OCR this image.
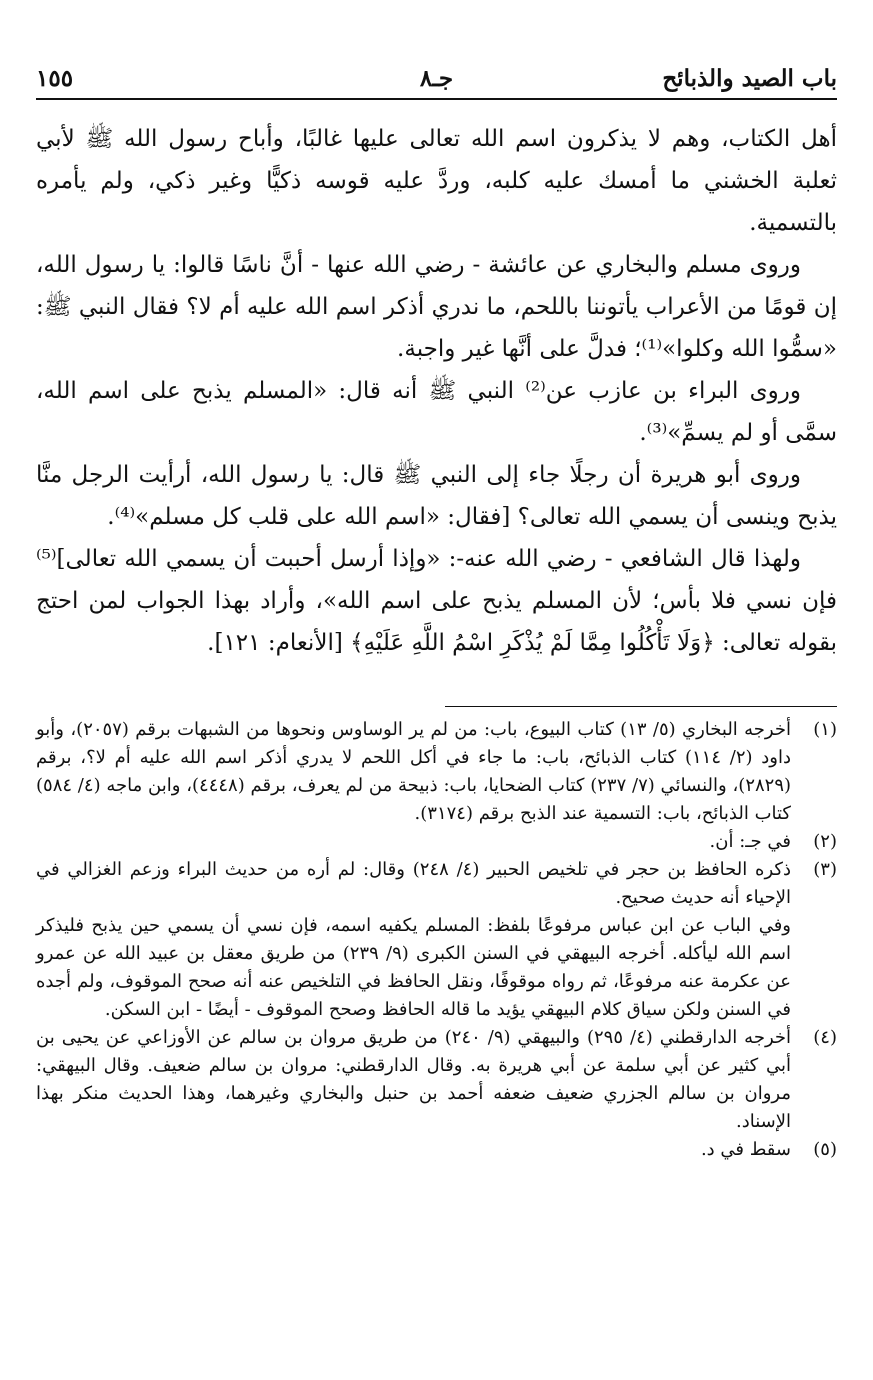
باب الصيد والذبائح
جـ٨
١٥٥

أهل الكتاب، وهم لا يذكرون اسم الله تعالى عليها غالبًا، وأباح رسول الله ﷺ لأبي ثعلبة الخشني ما أمسك عليه كلبه، وردَّ عليه قوسه ذكيًّا وغير ذكي، ولم يأمره بالتسمية.

وروى مسلم والبخاري عن عائشة - رضي الله عنها - أنَّ ناسًا قالوا: يا رسول الله، إن قومًا من الأعراب يأتوننا باللحم، ما ندري أذكر اسم الله عليه أم لا؟ فقال النبي ﷺ: «سمُّوا الله وكلوا»⁽¹⁾؛ فدلَّ على أنَّها غير واجبة.

وروى البراء بن عازب عن⁽²⁾ النبي ﷺ أنه قال: «المسلم يذبح على اسم الله، سمَّى أو لم يسمِّ»⁽³⁾.

وروى أبو هريرة أن رجلًا جاء إلى النبي ﷺ قال: يا رسول الله، أرأيت الرجل منَّا يذبح وينسى أن يسمي الله تعالى؟ [فقال: «اسم الله على قلب كل مسلم»⁽⁴⁾.

ولهذا قال الشافعي - رضي الله عنه-: «وإذا أرسل أحببت أن يسمي الله تعالى]⁽⁵⁾ فإن نسي فلا بأس؛ لأن المسلم يذبح على اسم الله»، وأراد بهذا الجواب لمن احتج بقوله تعالى: ﴿وَلَا تَأْكُلُوا مِمَّا لَمْ يُذْكَرِ اسْمُ اللَّهِ عَلَيْهِ﴾ [الأنعام: ١٢١].

(١)

أخرجه البخاري (٥/ ١٣) كتاب البيوع، باب: من لم ير الوساوس ونحوها من الشبهات برقم (٢٠٥٧)، وأبو داود (٢/ ١١٤) كتاب الذبائح، باب: ما جاء في أكل اللحم لا يدري أذكر اسم الله عليه أم لا؟، برقم (٢٨٢٩)، والنسائي (٧/ ٢٣٧) كتاب الضحايا، باب: ذبيحة من لم يعرف، برقم (٤٤٤٨)، وابن ماجه (٤/ ٥٨٤) كتاب الذبائح، باب: التسمية عند الذبح برقم (٣١٧٤).

(٢)

في جـ: أن.

(٣)

ذكره الحافظ بن حجر في تلخيص الحبير (٤/ ٢٤٨) وقال: لم أره من حديث البراء وزعم الغزالي في الإحياء أنه حديث صحيح.

وفي الباب عن ابن عباس مرفوعًا بلفظ: المسلم يكفيه اسمه، فإن نسي أن يسمي حين يذبح فليذكر اسم الله ليأكله. أخرجه البيهقي في السنن الكبرى (٩/ ٢٣٩) من طريق معقل بن عبيد الله عن عمرو عن عكرمة عنه مرفوعًا، ثم رواه موقوفًا، ونقل الحافظ في التلخيص عنه أنه صحح الموقوف، ولم أجده في السنن ولكن سياق كلام البيهقي يؤيد ما قاله الحافظ وصحح الموقوف - أيضًا - ابن السكن.

(٤)

أخرجه الدارقطني (٤/ ٢٩٥) والبيهقي (٩/ ٢٤٠) من طريق مروان بن سالم عن الأوزاعي عن يحيى بن أبي كثير عن أبي سلمة عن أبي هريرة به. وقال الدارقطني: مروان بن سالم ضعيف. وقال البيهقي: مروان بن سالم الجزري ضعيف ضعفه أحمد بن حنبل والبخاري وغيرهما، وهذا الحديث منكر بهذا الإسناد.

(٥)

سقط في د.
